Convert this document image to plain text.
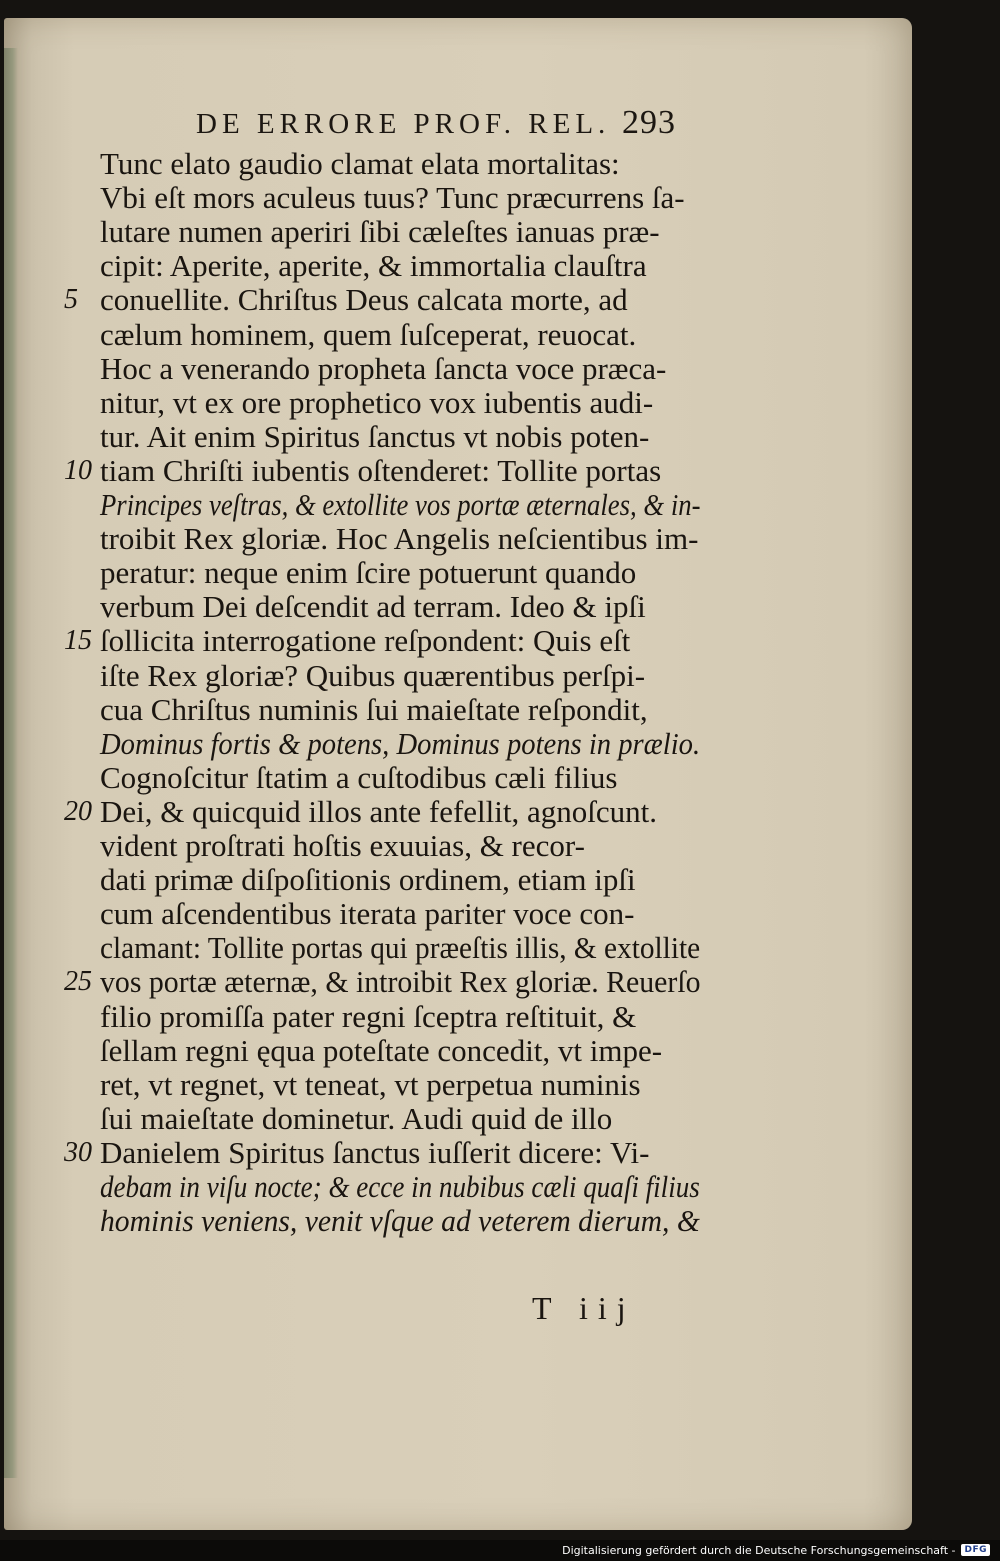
DE ERRORE PROF. REL. 293
Tunc elato gaudio clamat elata mortalitas:
Vbi eſt mors aculeus tuus? Tunc præcurrens ſa-
lutare numen aperiri ſibi cæleſtes ianuas præ-
cipit: Aperite, aperite, & immortalia clauſtra
conuellite. Chriſtus Deus calcata morte, ad
5
cælum hominem, quem ſuſceperat, reuocat.
Hoc a venerando propheta ſancta voce præca-
nitur, vt ex ore prophetico vox iubentis audi-
tur. Ait enim Spiritus ſanctus vt nobis poten-
tiam Chriſti iubentis oſtenderet: Tollite portas
10
Principes veſtras, & extollite vos portæ æternales, & in-
troibit Rex gloriæ. Hoc Angelis neſcientibus im-
peratur: neque enim ſcire potuerunt quando
verbum Dei deſcendit ad terram. Ideo & ipſi
ſollicita interrogatione reſpondent: Quis eſt
15
iſte Rex gloriæ? Quibus quærentibus perſpi-
cua Chriſtus numinis ſui maieſtate reſpondit,
Dominus fortis & potens, Dominus potens in prælio.
Cognoſcitur ſtatim a cuſtodibus cæli filius
Dei, & quicquid illos ante fefellit, agnoſcunt.
20
vident proſtrati hoſtis exuuias, & recor-
dati primæ diſpoſitionis ordinem, etiam ipſi
cum aſcendentibus iterata pariter voce con-
clamant: Tollite portas qui præeſtis illis, & extollite
vos portæ æternæ, & introibit Rex gloriæ. Reuerſo
25
filio promiſſa pater regni ſceptra reſtituit, &
ſellam regni ęqua poteſtate concedit, vt impe-
ret, vt regnet, vt teneat, vt perpetua numinis
ſui maieſtate dominetur. Audi quid de illo
Danielem Spiritus ſanctus iuſſerit dicere: Vi-
30
debam in viſu noctе; & ecce in nubibus cæli quaſi filius
hominis veniens, venit vſque ad veterem dierum, &
T iij
Digitalisierung gefördert durch die Deutsche Forschungsgemeinschaft -	DFG
